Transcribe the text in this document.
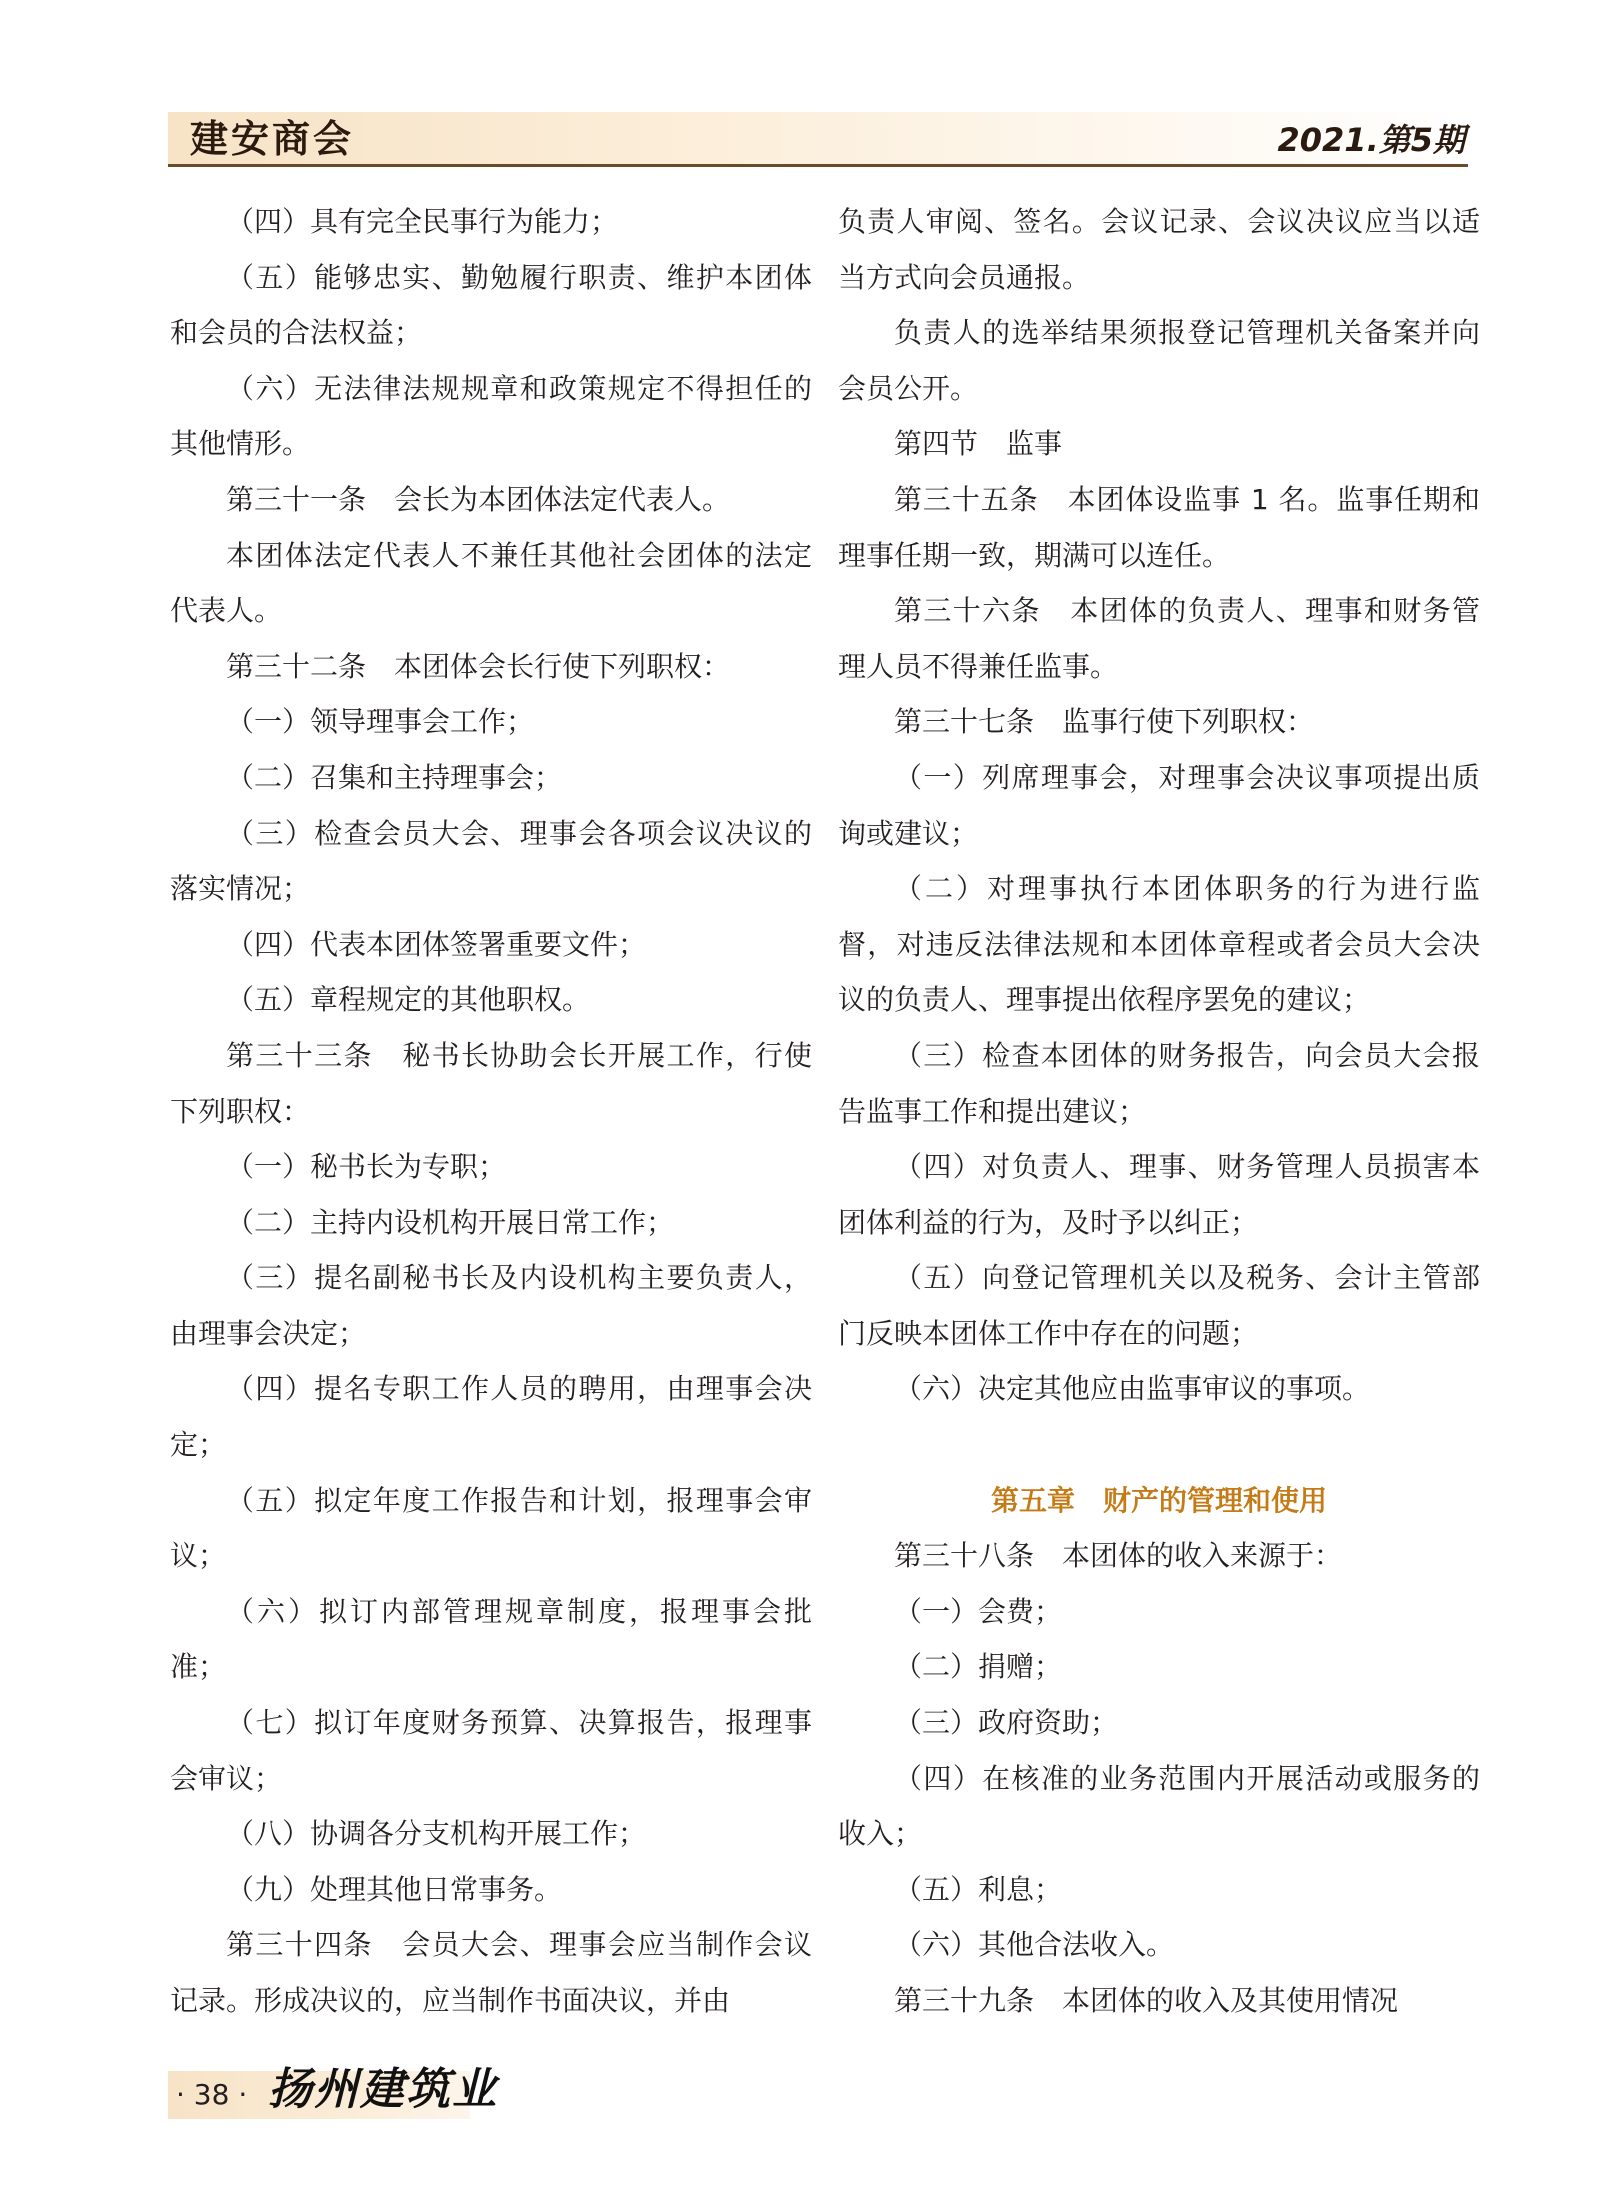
建安商会	2021.第5期

（四）具有完全民事行为能力；

（五）能够忠实、勤勉履行职责、维护本团体和会员的合法权益；

（六）无法律法规规章和政策规定不得担任的其他情形。

第三十一条　会长为本团体法定代表人。

本团体法定代表人不兼任其他社会团体的法定代表人。

第三十二条　本团体会长行使下列职权：

（一）领导理事会工作；

（二）召集和主持理事会；

（三）检查会员大会、理事会各项会议决议的落实情况；

（四）代表本团体签署重要文件；

（五）章程规定的其他职权。

第三十三条　秘书长协助会长开展工作，行使下列职权：

（一）秘书长为专职；

（二）主持内设机构开展日常工作；

（三）提名副秘书长及内设机构主要负责人，由理事会决定；

（四）提名专职工作人员的聘用，由理事会决定；

（五）拟定年度工作报告和计划，报理事会审议；

（六）拟订内部管理规章制度，报理事会批准；

（七）拟订年度财务预算、决算报告，报理事会审议；

（八）协调各分支机构开展工作；

（九）处理其他日常事务。

第三十四条　会员大会、理事会应当制作会议记录。形成决议的，应当制作书面决议，并由

负责人审阅、签名。会议记录、会议决议应当以适当方式向会员通报。

负责人的选举结果须报登记管理机关备案并向会员公开。

第四节　监事

第三十五条　本团体设监事 1 名。监事任期和理事任期一致，期满可以连任。

第三十六条　本团体的负责人、理事和财务管理人员不得兼任监事。

第三十七条　监事行使下列职权：

（一）列席理事会，对理事会决议事项提出质询或建议；

（二）对理事执行本团体职务的行为进行监督，对违反法律法规和本团体章程或者会员大会决议的负责人、理事提出依程序罢免的建议；

（三）检查本团体的财务报告，向会员大会报告监事工作和提出建议；

（四）对负责人、理事、财务管理人员损害本团体利益的行为，及时予以纠正；

（五）向登记管理机关以及税务、会计主管部门反映本团体工作中存在的问题；

（六）决定其他应由监事审议的事项。

第五章　财产的管理和使用

第三十八条　本团体的收入来源于：

（一）会费；

（二）捐赠；

（三）政府资助；

（四）在核准的业务范围内开展活动或服务的收入；

（五）利息；

（六）其他合法收入。

第三十九条　本团体的收入及其使用情况

· 38 · 扬州建筑业
